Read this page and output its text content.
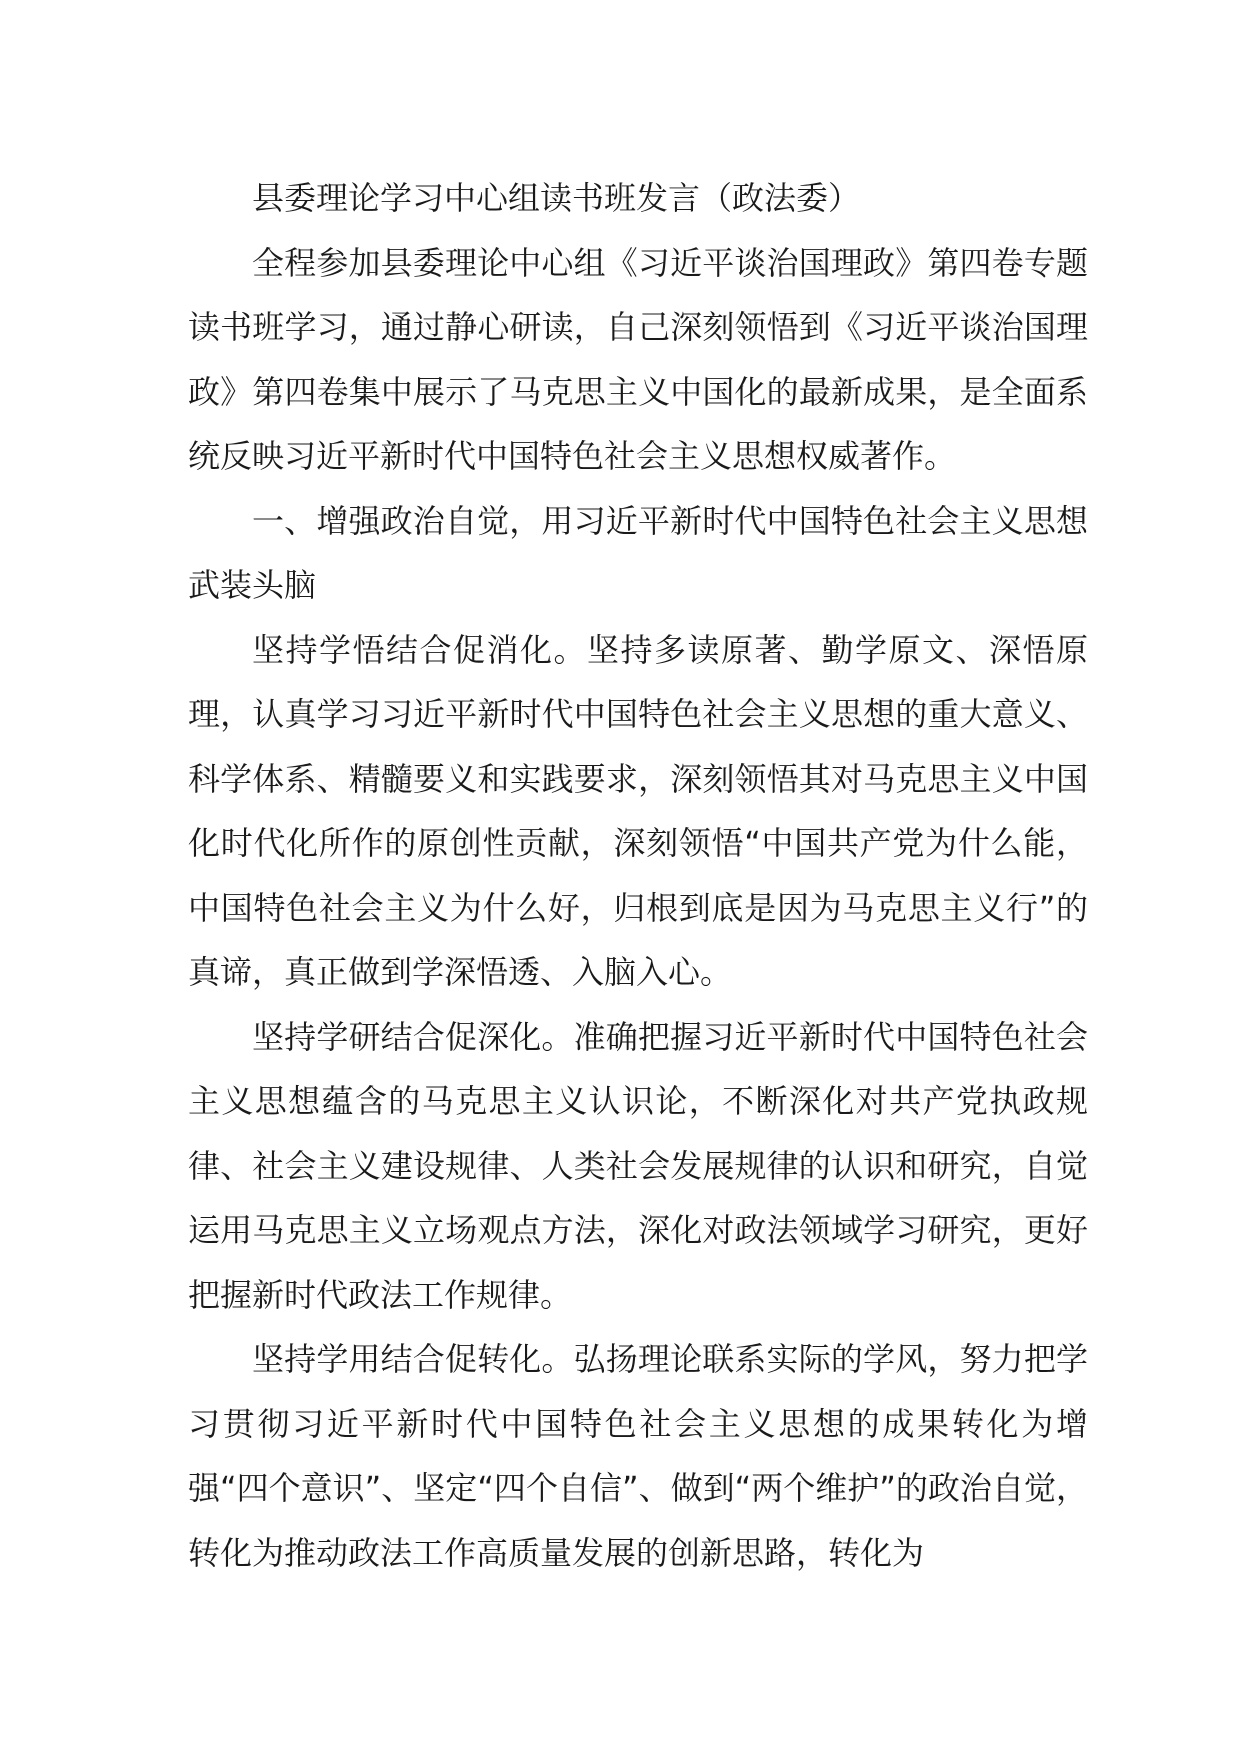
县委理论学习中心组读书班发言（政法委）

全程参加县委理论中心组《习近平谈治国理政》第四卷专题读书班学习，通过静心研读，自己深刻领悟到《习近平谈治国理政》第四卷集中展示了马克思主义中国化的最新成果，是全面系统反映习近平新时代中国特色社会主义思想权威著作。

一、增强政治自觉，用习近平新时代中国特色社会主义思想武装头脑

坚持学悟结合促消化。坚持多读原著、勤学原文、深悟原理，认真学习习近平新时代中国特色社会主义思想的重大意义、科学体系、精髓要义和实践要求，深刻领悟其对马克思主义中国化时代化所作的原创性贡献，深刻领悟“中国共产党为什么能，中国特色社会主义为什么好，归根到底是因为马克思主义行”的真谛，真正做到学深悟透、入脑入心。

坚持学研结合促深化。准确把握习近平新时代中国特色社会主义思想蕴含的马克思主义认识论，不断深化对共产党执政规律、社会主义建设规律、人类社会发展规律的认识和研究，自觉运用马克思主义立场观点方法，深化对政法领域学习研究，更好把握新时代政法工作规律。

坚持学用结合促转化。弘扬理论联系实际的学风，努力把学习贯彻习近平新时代中国特色社会主义思想的成果转化为增强“四个意识”、坚定“四个自信”、做到“两个维护”的政治自觉，转化为推动政法工作高质量发展的创新思路，转化为
